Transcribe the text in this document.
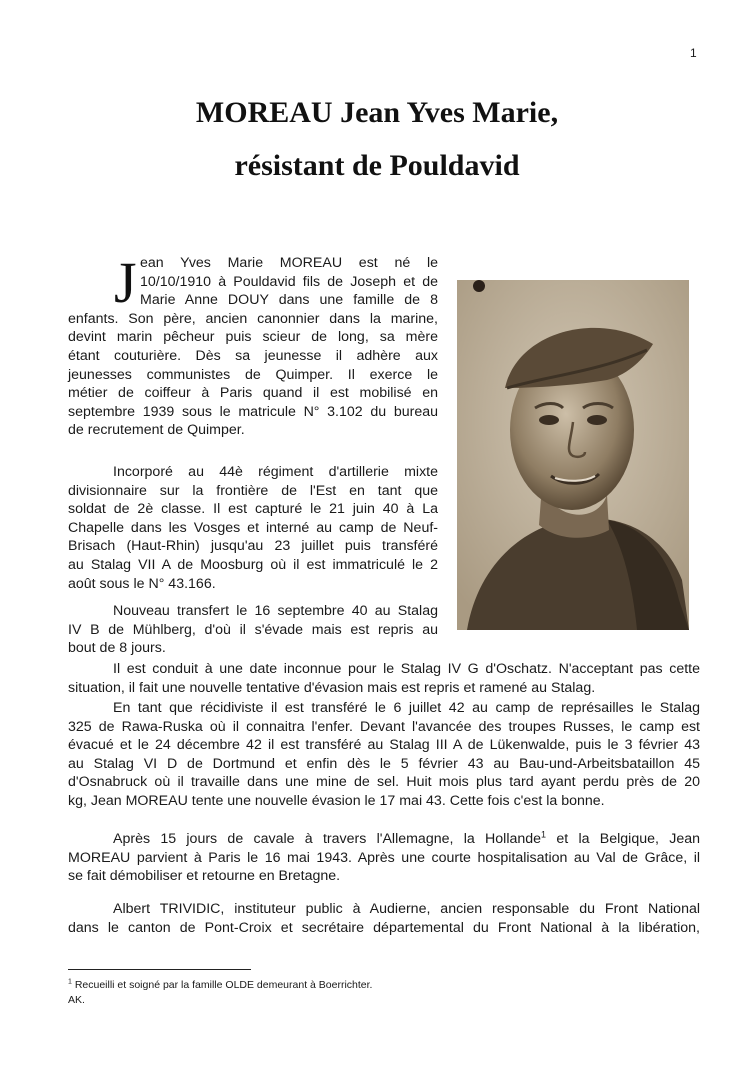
1
MOREAU Jean Yves Marie,
résistant de Pouldavid
J ean Yves Marie MOREAU est né le
10/10/1910 à Pouldavid fils de Joseph et de
Marie Anne DOUY dans une famille de 8
enfants. Son père, ancien canonnier dans la marine,
devint marin pêcheur puis scieur de long, sa mère
étant couturière. Dès sa jeunesse il adhère aux
jeunesses communistes de Quimper. Il exerce le
métier de coiffeur à Paris quand il est mobilisé en
septembre 1939 sous le matricule N° 3.102 du bureau
de recrutement de Quimper.
Incorporé au 44è régiment d'artillerie mixte
divisionnaire sur la frontière de l'Est en tant que
soldat de 2è classe. Il est capturé le 21 juin 40 à La
Chapelle dans les Vosges et interné au camp de Neuf-
Brisach (Haut-Rhin) jusqu'au 23 juillet puis transféré
au Stalag VII A de Moosburg où il est immatriculé le 2
août sous le N° 43.166.
Nouveau transfert le 16 septembre 40 au Stalag
IV B de Mühlberg, d'où il s'évade mais est repris au
bout de 8 jours.
Il est conduit à une date inconnue pour le Stalag IV G d'Oschatz. N'acceptant pas cette
situation, il fait une nouvelle tentative d'évasion mais est repris et ramené au Stalag.
En tant que récidiviste il est transféré le 6 juillet 42 au camp de représailles le Stalag
325 de Rawa-Ruska où il connaitra l'enfer. Devant l'avancée des troupes Russes, le camp est
évacué et le 24 décembre 42 il est transféré au Stalag III A de Lükenwalde, puis le 3 février 43
au Stalag VI D de Dortmund et enfin dès le 5 février 43 au Bau-und-Arbeitsbataillon 45
d'Osnabruck où il travaille dans une mine de sel. Huit mois plus tard ayant perdu près de 20
kg, Jean MOREAU tente une nouvelle évasion le 17 mai 43. Cette fois c'est la bonne.
Après 15 jours de cavale à travers l'Allemagne, la Hollande$^1$ et la Belgique, Jean
MOREAU parvient à Paris le 16 mai 1943. Après une courte hospitalisation au Val de Grâce, il
se fait démobiliser et retourne en Bretagne.
Albert TRIVIDIC, instituteur public à Audierne, ancien responsable du Front National
dans le canton de Pont-Croix et secrétaire départemental du Front National à la libération,
$^1$ Recueilli et soigné par la famille OLDE demeurant à Boerrichter.
AK.
